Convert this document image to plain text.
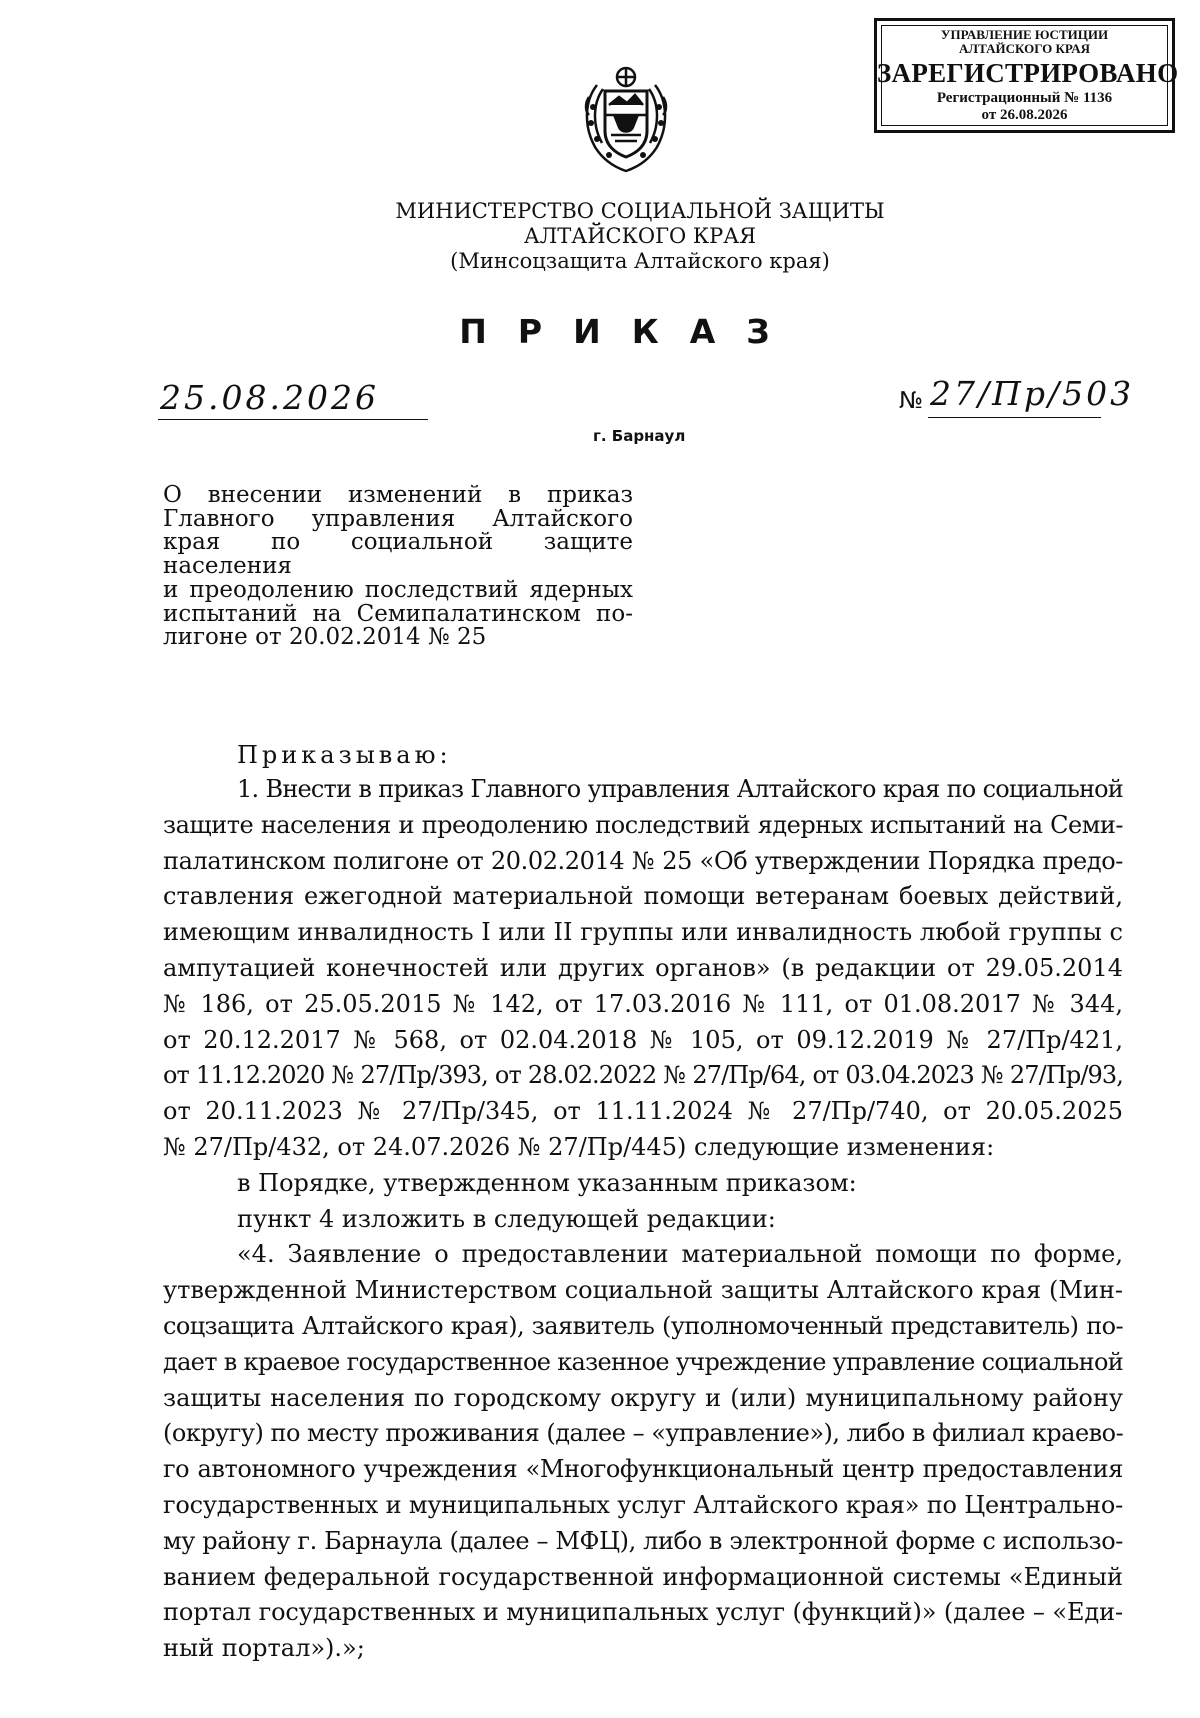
УПРАВЛЕНИЕ ЮСТИЦИИ
АЛТАЙСКОГО КРАЯ
ЗАРЕГИСТРИРОВАНО
Регистрационный № 1136
от 26.08.2026
МИНИСТЕРСТВО СОЦИАЛЬНОЙ ЗАЩИТЫ
АЛТАЙСКОГО КРАЯ
(Минсоцзащита Алтайского края)
ПРИКАЗ
25.08.2026	№ 27/Пр/503
г. Барнаул
О внесении изменений в приказ
Главного управления Алтайского
края по социальной защите населения
и преодолению последствий ядерных
испытаний на Семипалатинском по-
лигоне от 20.02.2014 № 25
Приказываю:
1. Внести в приказ Главного управления Алтайского края по социальной
защите населения и преодолению последствий ядерных испытаний на Семи-
палатинском полигоне от 20.02.2014 № 25 «Об утверждении Порядка предо-
ставления ежегодной материальной помощи ветеранам боевых действий,
имеющим инвалидность I или II группы или инвалидность любой группы с
ампутацией конечностей или других органов» (в редакции от 29.05.2014
№ 186, от 25.05.2015 № 142, от 17.03.2016 № 111, от 01.08.2017 № 344,
от 20.12.2017 № 568, от 02.04.2018 № 105, от 09.12.2019 № 27/Пр/421,
от 11.12.2020 № 27/Пр/393, от 28.02.2022 № 27/Пр/64, от 03.04.2023 № 27/Пр/93,
от 20.11.2023 № 27/Пр/345, от 11.11.2024 № 27/Пр/740, от 20.05.2025
№ 27/Пр/432, от 24.07.2026 № 27/Пр/445) следующие изменения:
в Порядке, утвержденном указанным приказом:
пункт 4 изложить в следующей редакции:
«4. Заявление о предоставлении материальной помощи по форме,
утвержденной Министерством социальной защиты Алтайского края (Мин-
соцзащита Алтайского края), заявитель (уполномоченный представитель) по-
дает в краевое государственное казенное учреждение управление социальной
защиты населения по городскому округу и (или) муниципальному району
(округу) по месту проживания (далее – «управление»), либо в филиал краево-
го автономного учреждения «Многофункциональный центр предоставления
государственных и муниципальных услуг Алтайского края» по Центрально-
му району г. Барнаула (далее – МФЦ), либо в электронной форме с использо-
ванием федеральной государственной информационной системы «Единый
портал государственных и муниципальных услуг (функций)» (далее – «Еди-
ный портал»).»;
